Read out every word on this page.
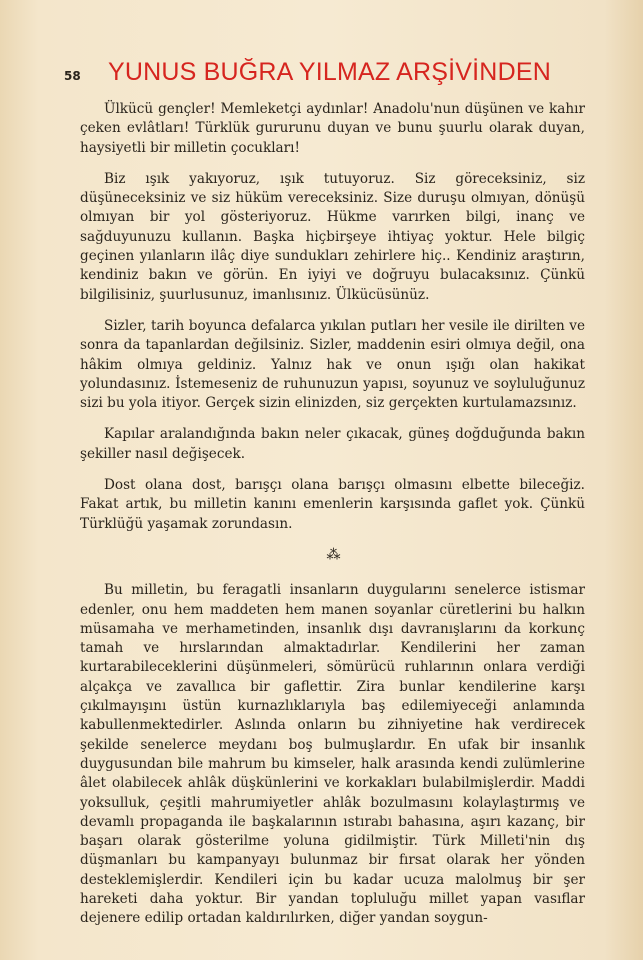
58	YUNUS BUĞRA YILMAZ ARŞİVİNDEN

Ülkücü gençler! Memleketçi aydınlar! Anadolu'nun düşünen ve kahır çeken evlâtları! Türklük gururunu duyan ve bunu şuurlu olarak duyan, haysiyetli bir milletin çocukları!

Biz ışık yakıyoruz, ışık tutuyoruz. Siz göreceksiniz, siz düşüneceksiniz ve siz hüküm vereceksiniz. Size duruşu olmıyan, dönüşü olmıyan bir yol gösteriyoruz. Hükme varırken bilgi, inanç ve sağduyunuzu kullanın. Başka hiçbirşeye ihtiyaç yoktur. Hele bilgiç geçinen yılanların ilâç diye sundukları zehirlere hiç.. Kendiniz araştırın, kendiniz bakın ve görün. En iyiyi ve doğruyu bulacaksınız. Çünkü bilgilisiniz, şuurlusunuz, imanlısınız. Ülkücüsünüz.

Sizler, tarih boyunca defalarca yıkılan putları her vesile ile dirilten ve sonra da tapanlardan değilsiniz. Sizler, maddenin esiri olmıya değil, ona hâkim olmıya geldiniz. Yalnız hak ve onun ışığı olan hakikat yolundasınız. İstemeseniz de ruhunuzun yapısı, soyunuz ve soyluluğunuz sizi bu yola itiyor. Gerçek sizin elinizden, siz gerçekten kurtulamazsınız.

Kapılar aralandığında bakın neler çıkacak, güneş doğduğunda bakın şekiller nasıl değişecek.

Dost olana dost, barışçı olana barışçı olmasını elbette bileceğiz. Fakat artık, bu milletin kanını emenlerin karşısında gaflet yok. Çünkü Türklüğü yaşamak zorundasın.

⁂

Bu milletin, bu feragatli insanların duygularını senelerce istismar edenler, onu hem maddeten hem manen soyanlar cüretlerini bu halkın müsamaha ve merhametinden, insanlık dışı davranışlarını da korkunç tamah ve hırslarından almaktadırlar. Kendilerini her zaman kurtarabileceklerini düşünmeleri, sömürücü ruhlarının onlara verdiği alçakça ve zavallıca bir gaflettir. Zira bunlar kendilerine karşı çıkılmayışını üstün kurnazlıklarıyla baş edilemiyeceği anlamında kabullenmektedirler. Aslında onların bu zihniyetine hak verdirecek şekilde senelerce meydanı boş bulmuşlardır. En ufak bir insanlık duygusundan bile mahrum bu kimseler, halk arasında kendi zulümlerine âlet olabilecek ahlâk düşkünlerini ve korkakları bulabilmişlerdir. Maddi yoksulluk, çeşitli mahrumiyetler ahlâk bozulmasını kolaylaştırmış ve devamlı propaganda ile başkalarının ıstırabı bahasına, aşırı kazanç, bir başarı olarak gösterilme yoluna gidilmiştir. Türk Milleti'nin dış düşmanları bu kampanyayı bulunmaz bir fırsat olarak her yönden desteklemişlerdir. Kendileri için bu kadar ucuza malolmuş bir şer hareketi daha yoktur. Bir yandan topluluğu millet yapan vasıflar dejenere edilip ortadan kaldırılırken, diğer yandan soygun-
